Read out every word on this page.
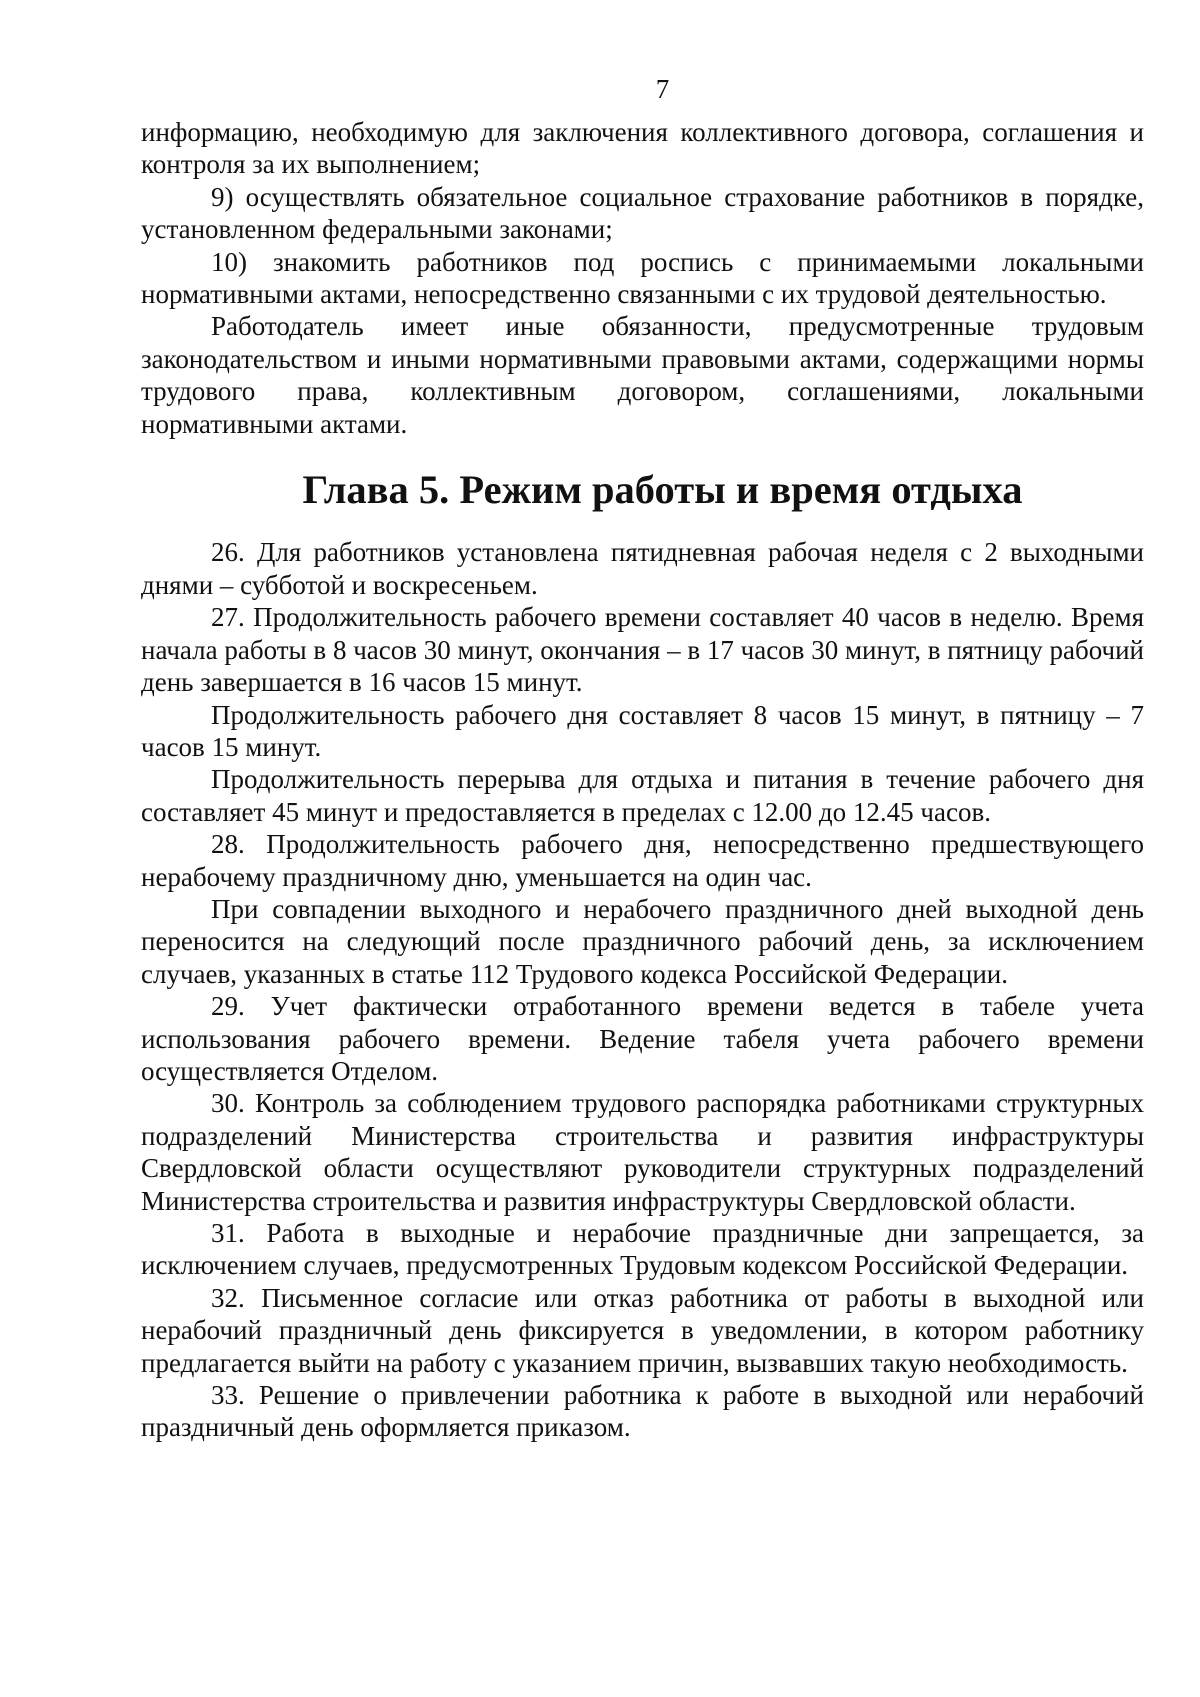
7

информацию, необходимую для заключения коллективного договора, соглашения и контроля за их выполнением;

9) осуществлять обязательное социальное страхование работников в порядке, установленном федеральными законами;

10) знакомить работников под роспись с принимаемыми локальными нормативными актами, непосредственно связанными с их трудовой деятельностью.

Работодатель имеет иные обязанности, предусмотренные трудовым законодательством и иными нормативными правовыми актами, содержащими нормы трудового права, коллективным договором, соглашениями, локальными нормативными актами.

Глава 5. Режим работы и время отдыха

26. Для работников установлена пятидневная рабочая неделя с 2 выходными днями – субботой и воскресеньем.

27. Продолжительность рабочего времени составляет 40 часов в неделю. Время начала работы в 8 часов 30 минут, окончания – в 17 часов 30 минут, в пятницу рабочий день завершается в 16 часов 15 минут.

Продолжительность рабочего дня составляет 8 часов 15 минут, в пятницу – 7 часов 15 минут.

Продолжительность перерыва для отдыха и питания в течение рабочего дня составляет 45 минут и предоставляется в пределах с 12.00 до 12.45 часов.

28. Продолжительность рабочего дня, непосредственно предшествующего нерабочему праздничному дню, уменьшается на один час.

При совпадении выходного и нерабочего праздничного дней выходной день переносится на следующий после праздничного рабочий день, за исключением случаев, указанных в статье 112 Трудового кодекса Российской Федерации.

29. Учет фактически отработанного времени ведется в табеле учета использования рабочего времени. Ведение табеля учета рабочего времени осуществляется Отделом.

30. Контроль за соблюдением трудового распорядка работниками структурных подразделений Министерства строительства и развития инфраструктуры Свердловской области осуществляют руководители структурных подразделений Министерства строительства и развития инфраструктуры Свердловской области.

31. Работа в выходные и нерабочие праздничные дни запрещается, за исключением случаев, предусмотренных Трудовым кодексом Российской Федерации.

32. Письменное согласие или отказ работника от работы в выходной или нерабочий праздничный день фиксируется в уведомлении, в котором работнику предлагается выйти на работу с указанием причин, вызвавших такую необходимость.

33. Решение о привлечении работника к работе в выходной или нерабочий праздничный день оформляется приказом.
